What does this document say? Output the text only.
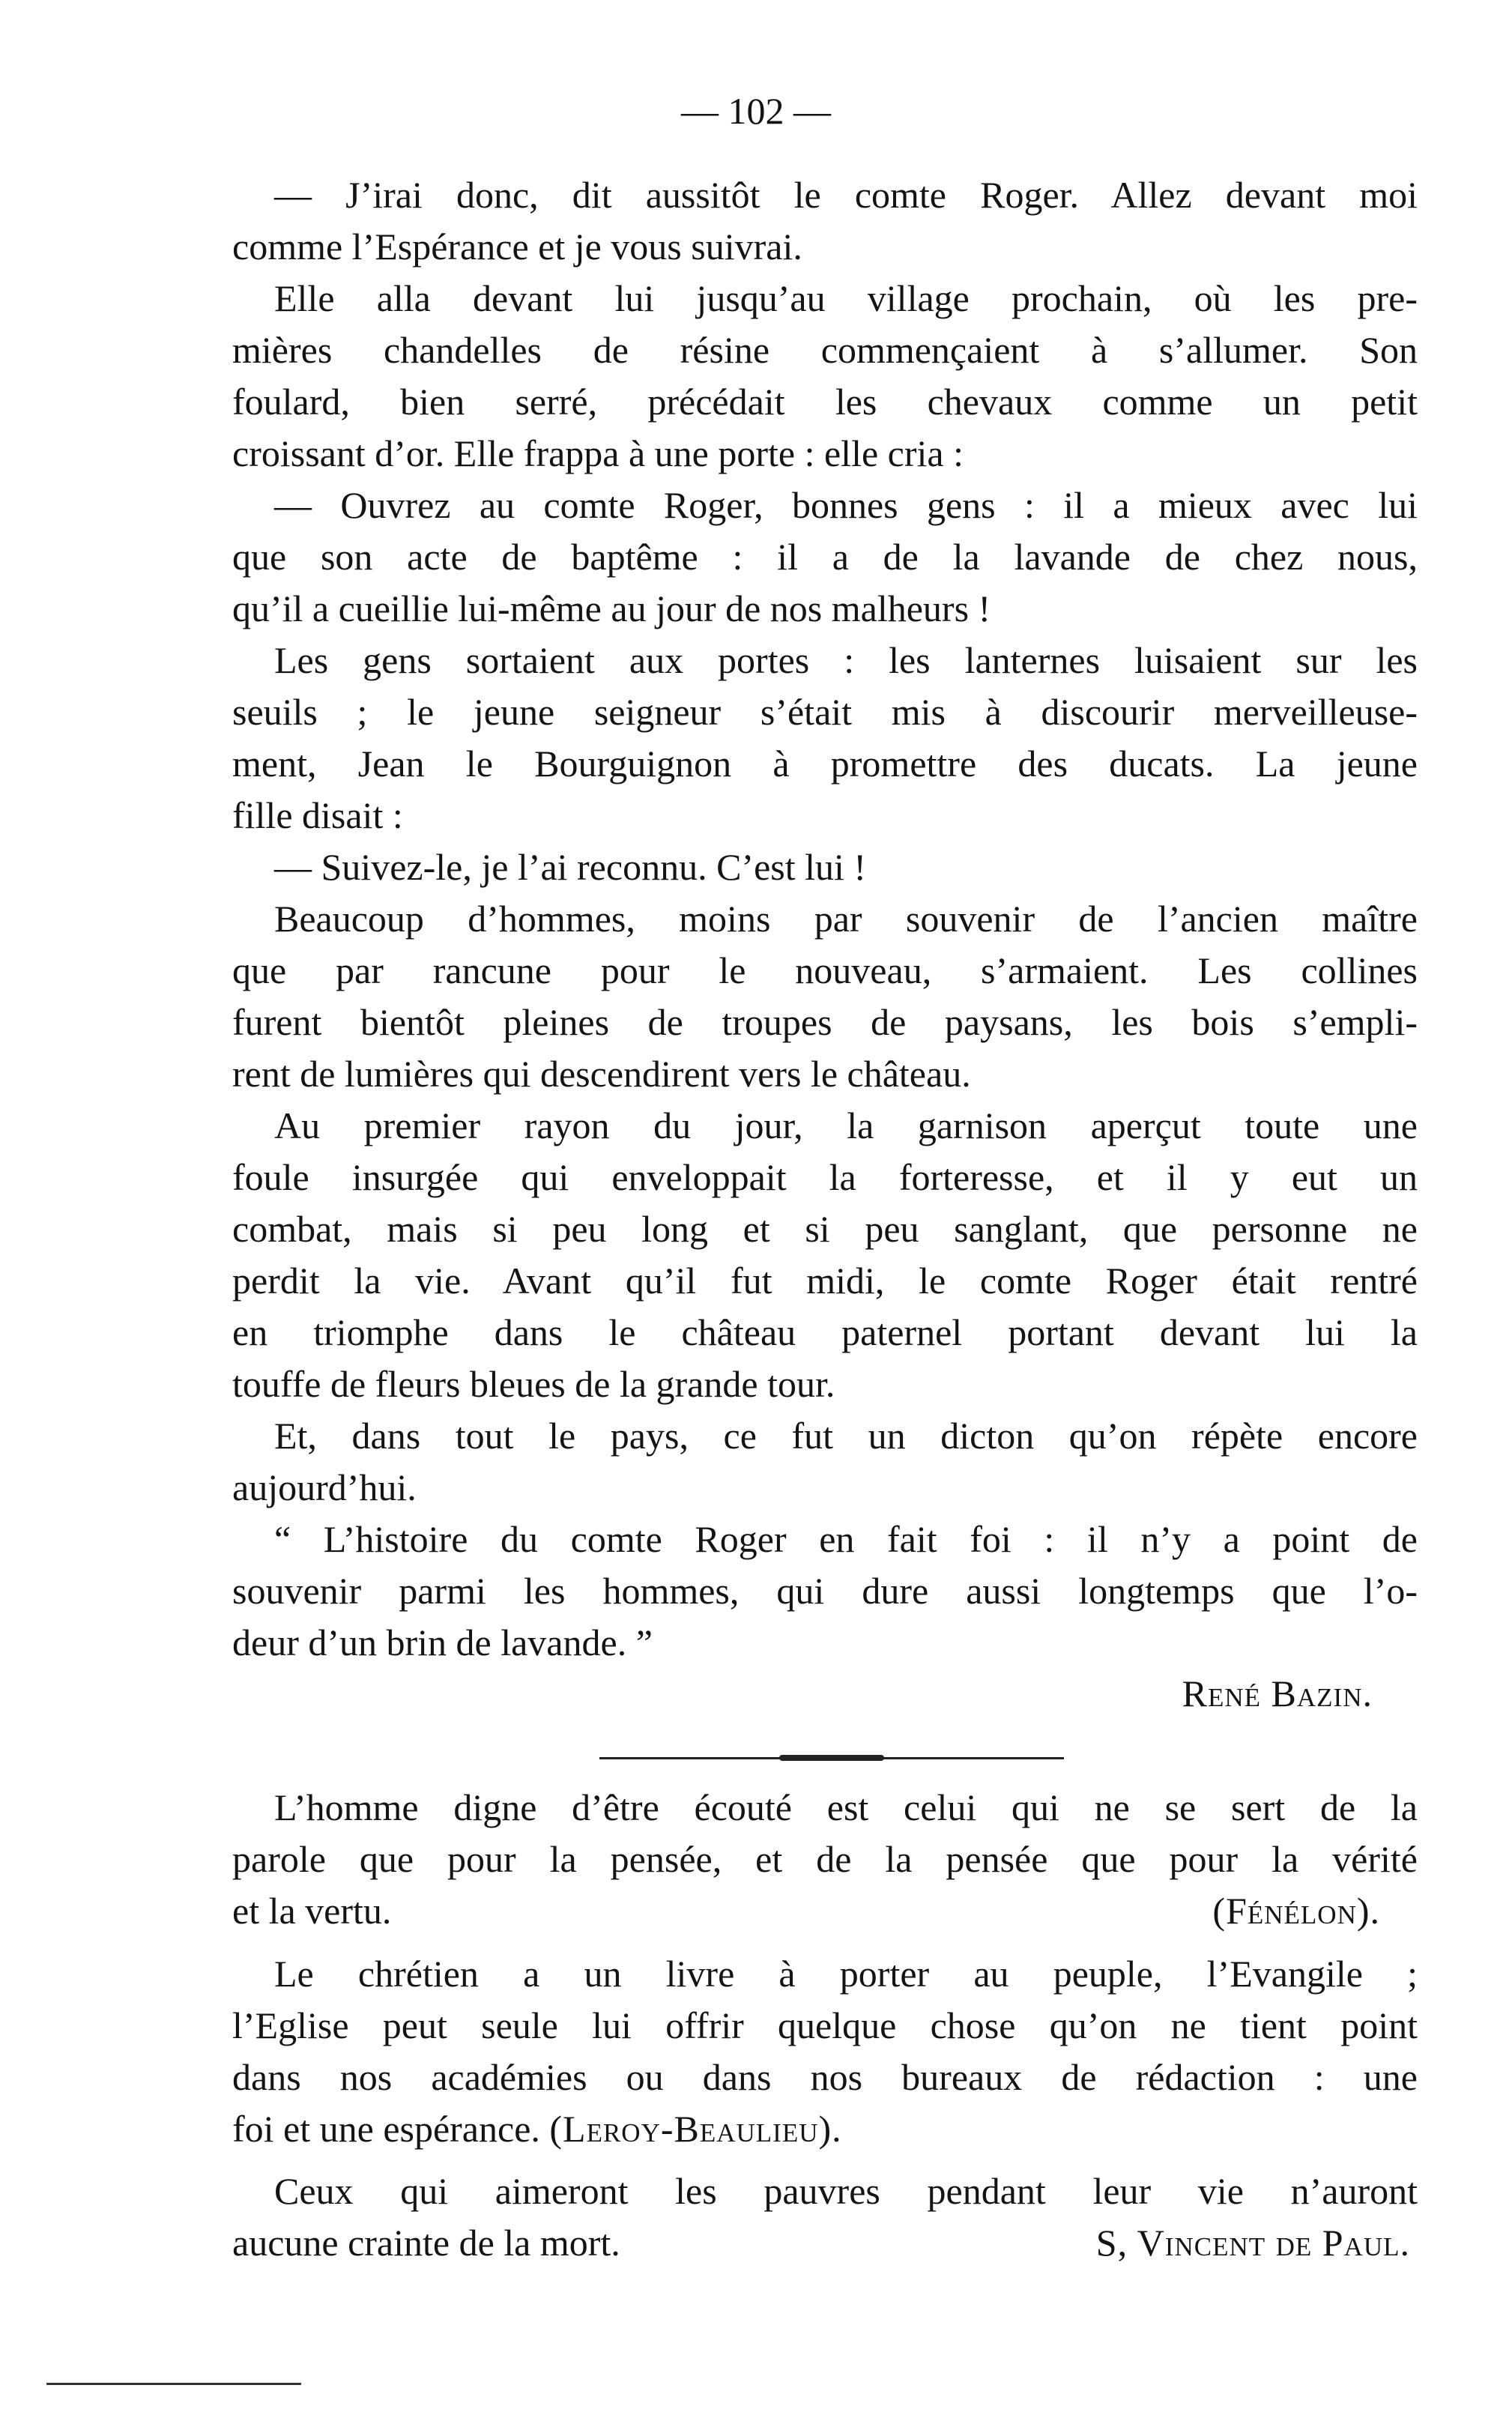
— 102 —
— J’irai donc, dit aussitôt le comte Roger. Allez devant moi
comme l’Espérance et je vous suivrai.
Elle alla devant lui jusqu’au village prochain, où les pre-
mières chandelles de résine commençaient à s’allumer. Son
foulard, bien serré, précédait les chevaux comme un petit
croissant d’or. Elle frappa à une porte : elle cria :
— Ouvrez au comte Roger, bonnes gens : il a mieux avec lui
que son acte de baptême : il a de la lavande de chez nous,
qu’il a cueillie lui-même au jour de nos malheurs !
Les gens sortaient aux portes : les lanternes luisaient sur les
seuils ; le jeune seigneur s’était mis à discourir merveilleuse-
ment, Jean le Bourguignon à promettre des ducats. La jeune
fille disait :
— Suivez-le, je l’ai reconnu. C’est lui !
Beaucoup d’hommes, moins par souvenir de l’ancien maître
que par rancune pour le nouveau, s’armaient. Les collines
furent bientôt pleines de troupes de paysans, les bois s’empli-
rent de lumières qui descendirent vers le château.
Au premier rayon du jour, la garnison aperçut toute une
foule insurgée qui enveloppait la forteresse, et il y eut un
combat, mais si peu long et si peu sanglant, que personne ne
perdit la vie. Avant qu’il fut midi, le comte Roger était rentré
en triomphe dans le château paternel portant devant lui la
touffe de fleurs bleues de la grande tour.
Et, dans tout le pays, ce fut un dicton qu’on répète encore
aujourd’hui.
“ L’histoire du comte Roger en fait foi : il n’y a point de
souvenir parmi les hommes, qui dure aussi longtemps que l’o-
deur d’un brin de lavande. ”
René Bazin.
L’homme digne d’être écouté est celui qui ne se sert de la
parole que pour la pensée, et de la pensée que pour la vérité
et la vertu.	(Fénélon).
Le chrétien a un livre à porter au peuple, l’Evangile ;
l’Eglise peut seule lui offrir quelque chose qu’on ne tient point
dans nos académies ou dans nos bureaux de rédaction : une
foi et une espérance. (Leroy-Beaulieu).
Ceux qui aimeront les pauvres pendant leur vie n’auront
aucune crainte de la mort.	S, Vincent de Paul.
